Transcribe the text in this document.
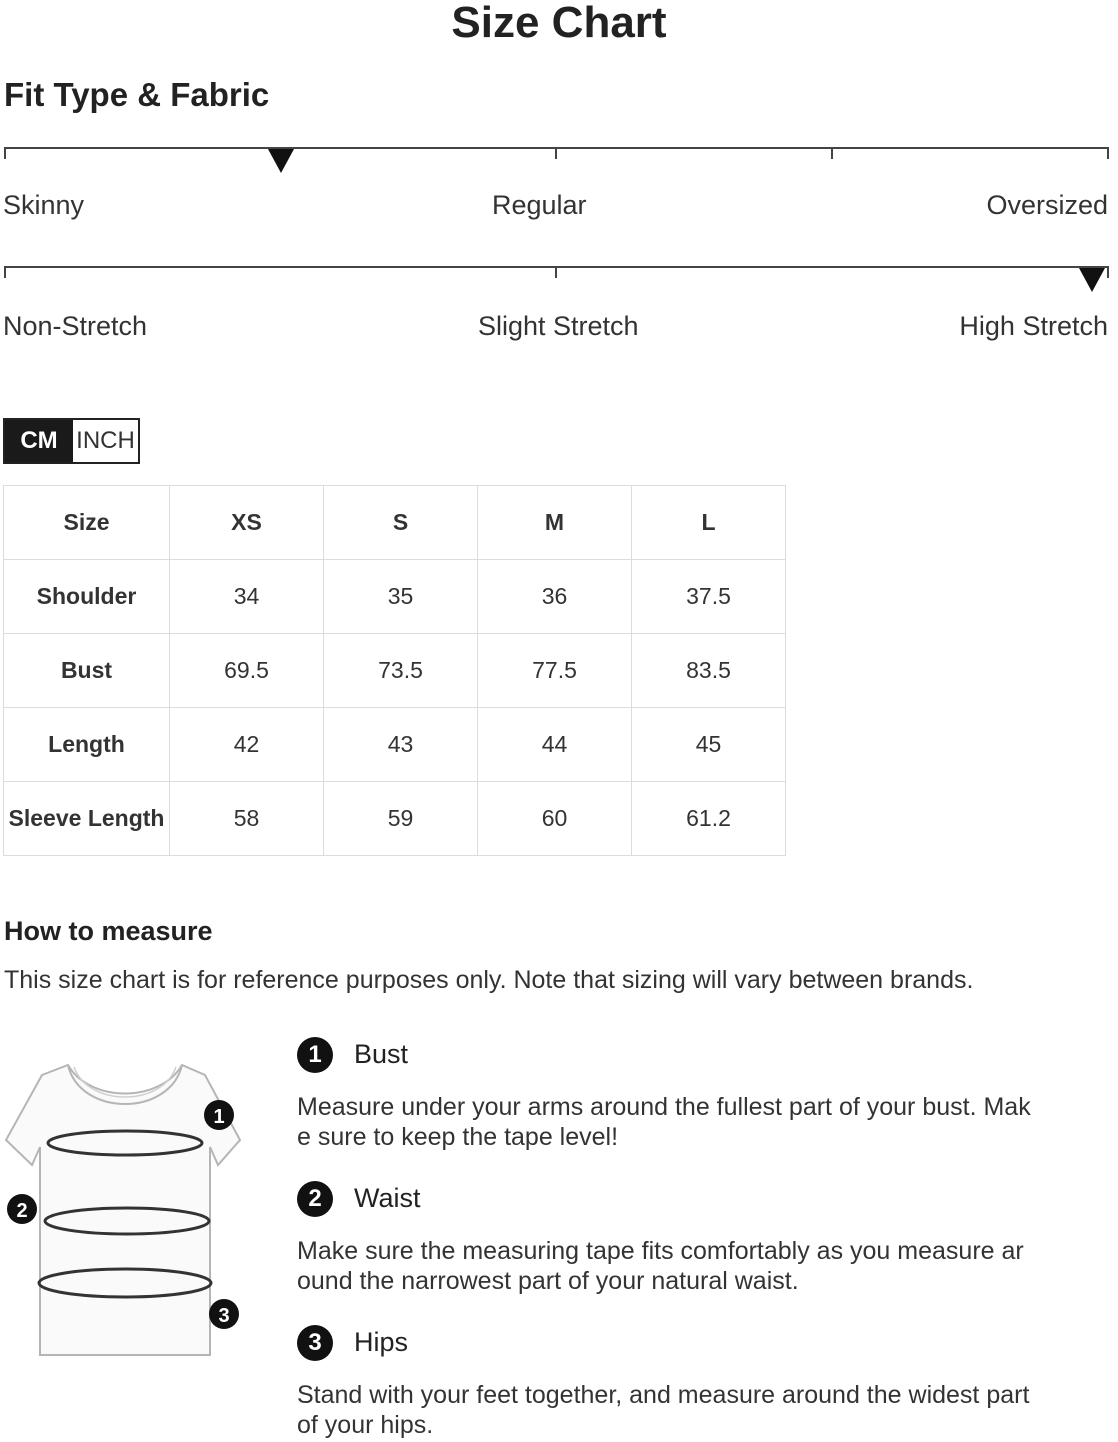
Size Chart
Fit Type & Fabric
Skinny	Regular	Oversized
Non-Stretch	Slight Stretch	High Stretch
CM INCH
Size	XS	S	M	L
Shoulder	34	35	36	37.5
Bust	69.5	73.5	77.5	83.5
Length	42	43	44	45
Sleeve Length	58	59	60	61.2
How to measure
This size chart is for reference purposes only. Note that sizing will vary between brands.
1
2
3
1	Bust
Measure under your arms around the fullest part of your bust. Make sure to keep the tape level!
2	Waist
Make sure the measuring tape fits comfortably as you measure around the narrowest part of your natural waist.
3	Hips
Stand with your feet together, and measure around the widest part of your hips.
